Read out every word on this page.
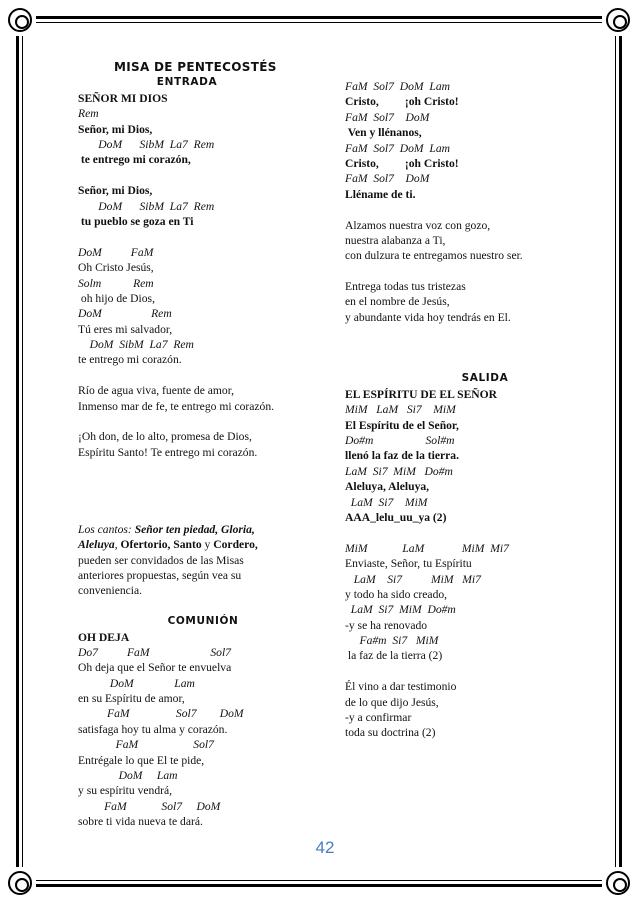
MISA DE PENTECOSTÉS
ENTRADA
SEÑOR MI DIOS
Rem
Señor, mi Dios,
DoM      SibM  La7  Rem
te entrego mi corazón,
Señor, mi Dios,
DoM      SibM  La7  Rem
tu pueblo se goza en Ti
DoM          FaM
Oh Cristo Jesús,
Solm           Rem
oh hijo de Dios,
DoM                 Rem
Tú eres mi salvador,
DoM  SibM  La7  Rem
te entrego mi corazón.
Río de agua viva, fuente de amor,
Inmenso mar de fe, te entrego mi corazón.
¡Oh don, de lo alto, promesa de Dios,
Espíritu Santo! Te entrego mi corazón.
Los cantos: Señor ten piedad, Gloria,
Aleluya, Ofertorio, Santo y Cordero,
pueden ser convidados de las Misas
anteriores propuestas, según vea su
conveniencia.
COMUNIÓN
OH DEJA
Do7          FaM                     Sol7
Oh deja que el Señor te envuelva
DoM              Lam
en su Espíritu de amor,
FaM                Sol7        DoM
satisfaga hoy tu alma y corazón.
FaM                   Sol7
Entrégale lo que El te pide,
DoM     Lam
y su espíritu vendrá,
FaM            Sol7     DoM
sobre ti vida nueva te dará.
FaM  Sol7  DoM  Lam
Cristo,         ¡oh Cristo!
FaM  Sol7    DoM
Ven y llénanos,
FaM  Sol7  DoM  Lam
Cristo,         ¡oh Cristo!
FaM  Sol7    DoM
Lléname de ti.
Alzamos nuestra voz con gozo,
nuestra alabanza a Ti,
con dulzura te entregamos nuestro ser.
Entrega todas tus tristezas
en el nombre de Jesús,
y abundante vida hoy tendrás en El.
SALIDA
EL ESPÍRITU DE EL SEÑOR
MiM   LaM   Si7    MiM
El Espíritu de el Señor,
Do#m                  Sol#m
llenó la faz de la tierra.
LaM  Si7  MiM   Do#m
Aleluya, Aleluya,
LaM  Si7    MiM
AAA_lelu_uu_ya (2)
MiM            LaM             MiM  Mi7
Enviaste, Señor, tu Espíritu
LaM    Si7          MiM   Mi7
y todo ha sido creado,
LaM  Si7  MiM  Do#m
-y se ha renovado
Fa#m  Si7   MiM
la faz de la tierra (2)
Él vino a dar testimonio
de lo que dijo Jesús,
-y a confirmar
toda su doctrina (2)
42
